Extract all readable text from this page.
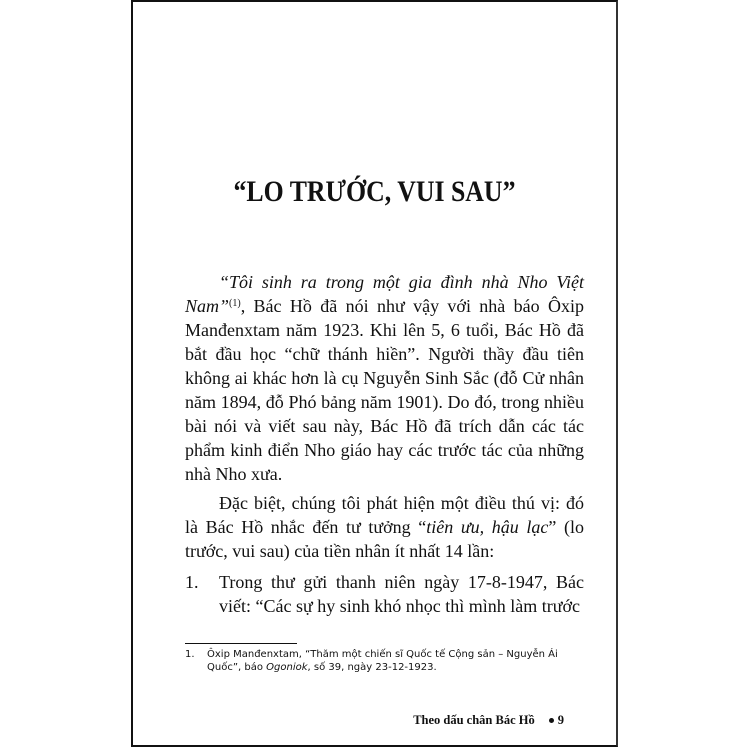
“LO TRƯỚC, VUI SAU”

“Tôi sinh ra trong một gia đình nhà Nho Việt Nam”$^{(1)}$, Bác Hồ đã nói như vậy với nhà báo Ôxip Manđenxtam năm 1923. Khi lên 5, 6 tuổi, Bác Hồ đã bắt đầu học “chữ thánh hiền”. Người thầy đầu tiên không ai khác hơn là cụ Nguyễn Sinh Sắc (đỗ Cử nhân năm 1894, đỗ Phó bảng năm 1901). Do đó, trong nhiều bài nói và viết sau này, Bác Hồ đã trích dẫn các tác phẩm kinh điển Nho giáo hay các trước tác của những nhà Nho xưa.

Đặc biệt, chúng tôi phát hiện một điều thú vị: đó là Bác Hồ nhắc đến tư tưởng “tiên ưu, hậu lạc” (lo trước, vui sau) của tiền nhân ít nhất 14 lần:

1.	Trong thư gửi thanh niên ngày 17-8-1947, Bác viết: “Các sự hy sinh khó nhọc thì mình làm trước
1.	Ôxip Manđenxtam, “Thăm một chiến sĩ Quốc tế Cộng sản – Nguyễn Ái Quốc”, báo Ogoniok, số 39, ngày 23-12-1923.
Theo dấu chân Bác Hồ 9
